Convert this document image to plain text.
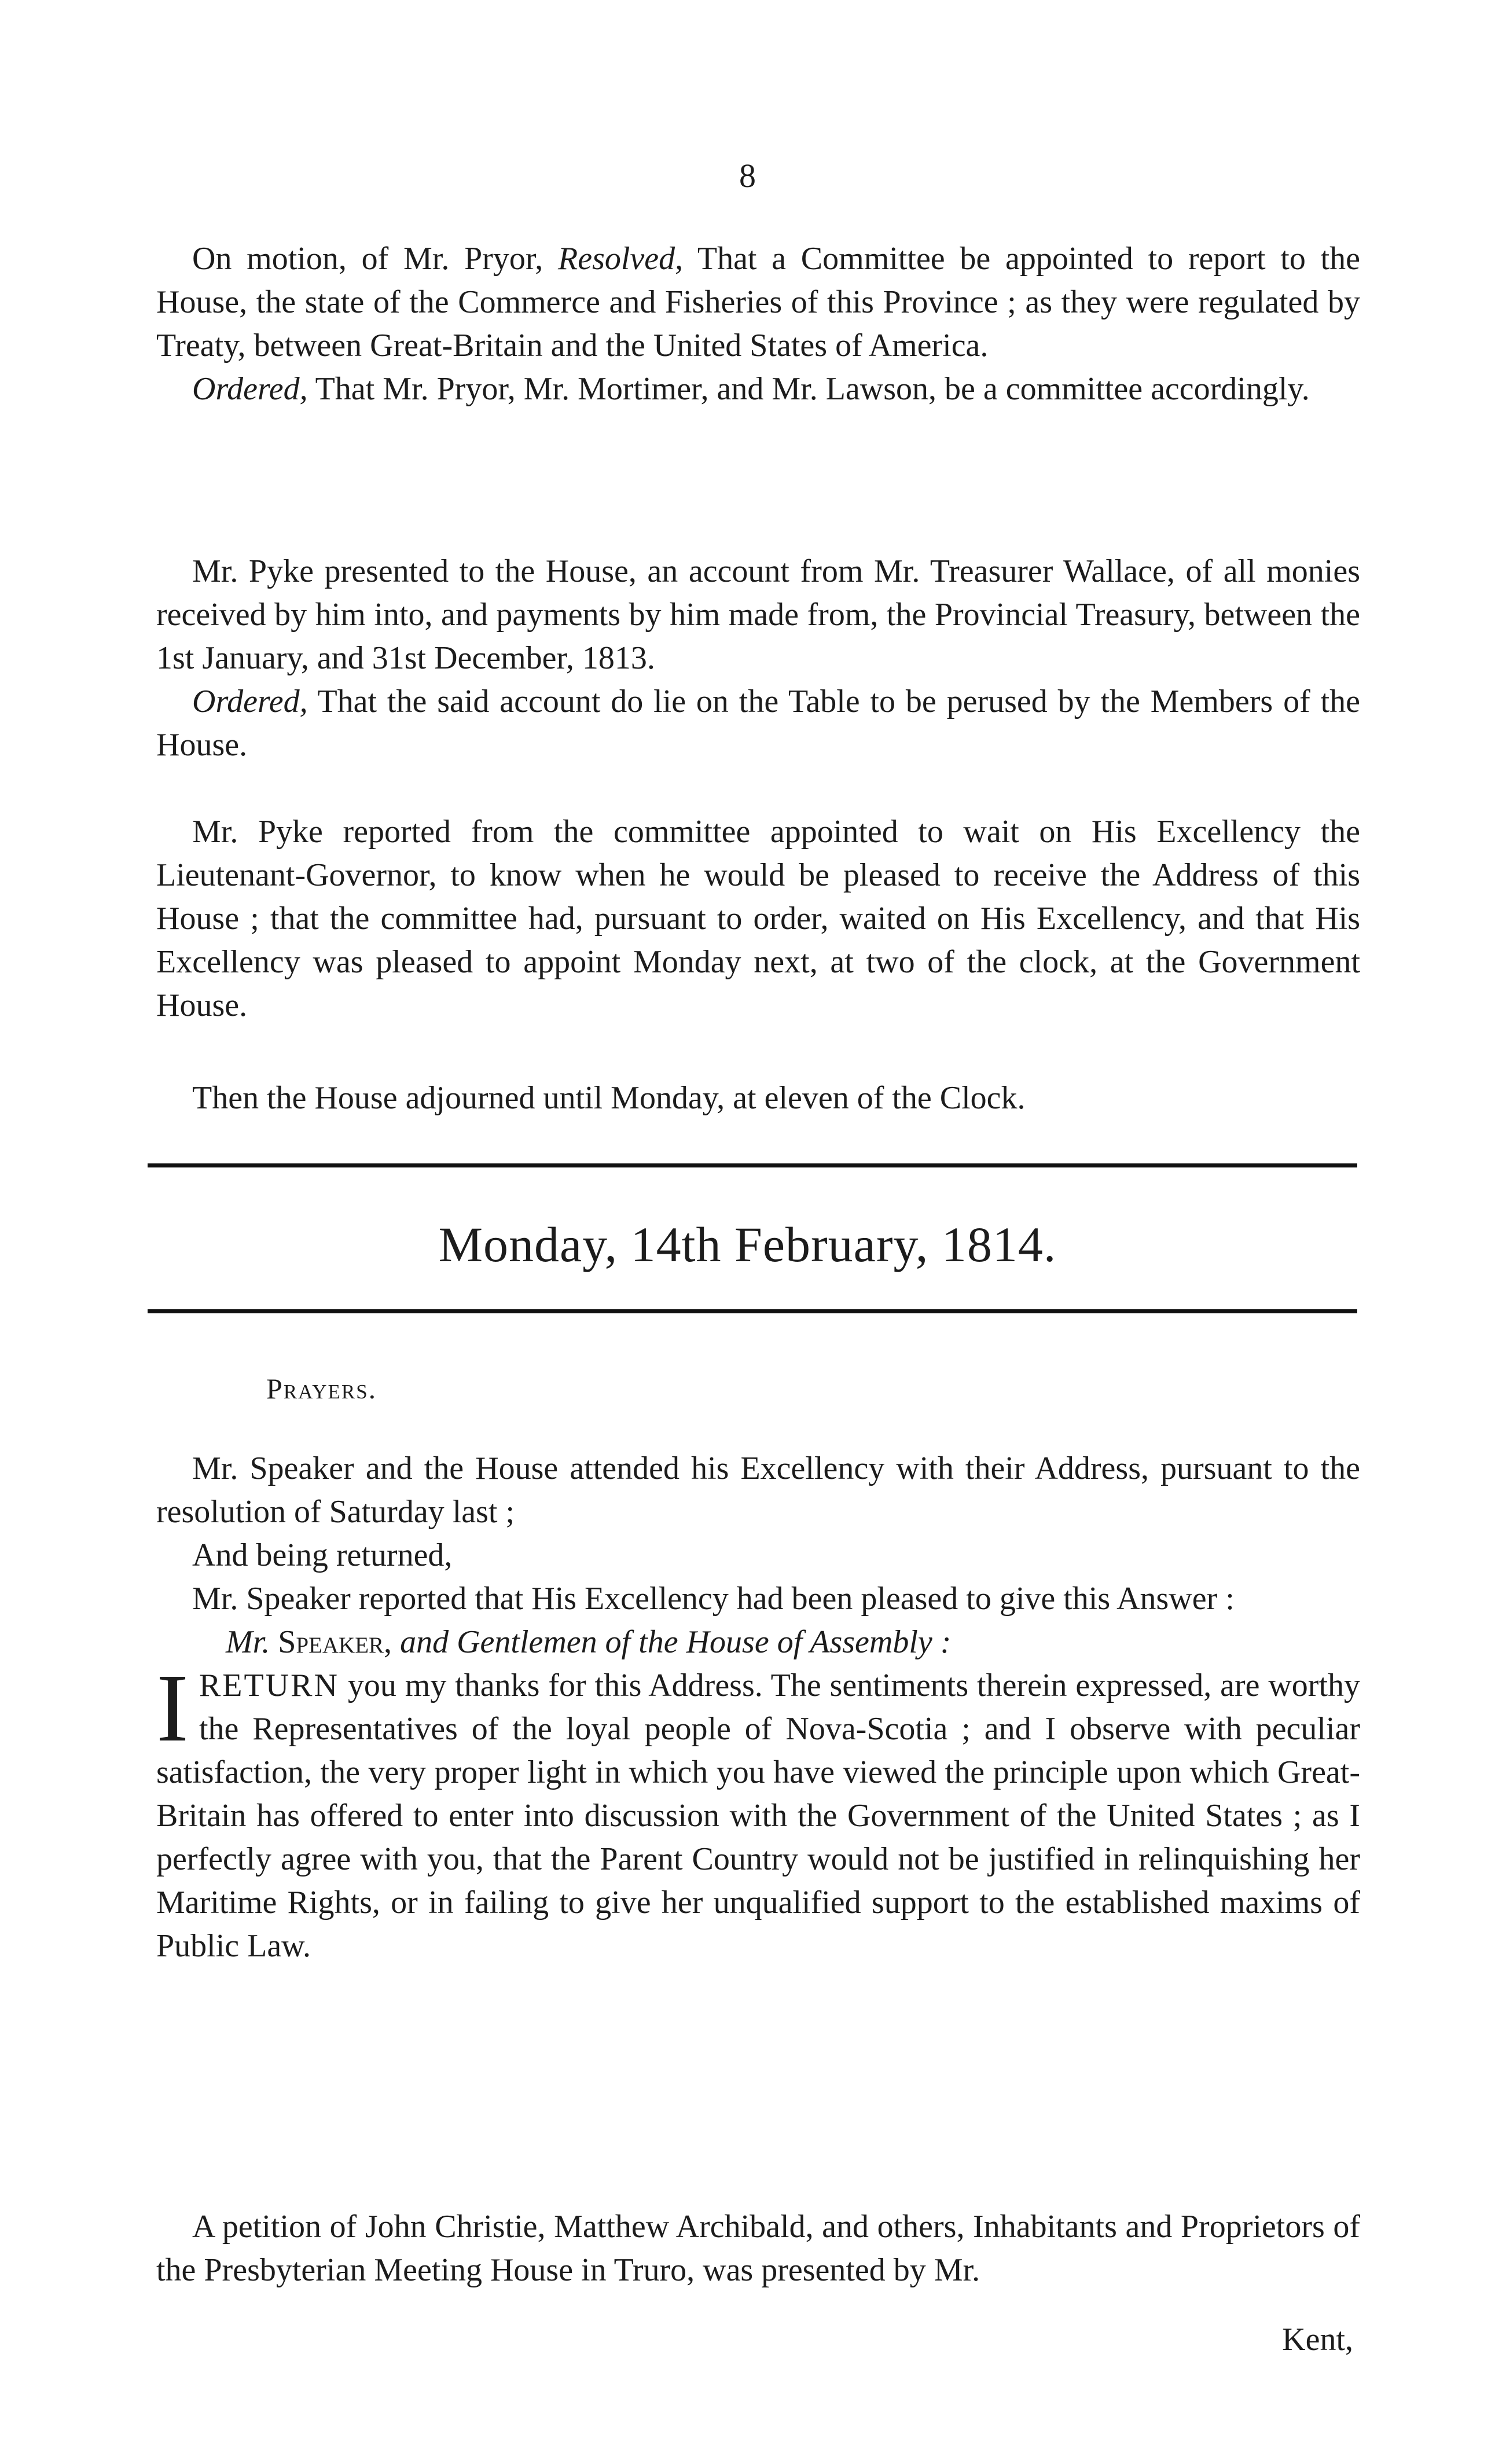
8

On motion, of Mr. Pryor, Resolved, That a Committee be appointed to report to the House, the state of the Commerce and Fisheries of this Province ; as they were regulated by Treaty, between Great-Britain and the United States of America.

Ordered, That Mr. Pryor, Mr. Mortimer, and Mr. Lawson, be a committee accordingly.

Mr. Pyke presented to the House, an account from Mr. Treasurer Wallace, of all monies received by him into, and payments by him made from, the Provincial Treasury, between the 1st January, and 31st December, 1813.

Ordered, That the said account do lie on the Table to be perused by the Members of the House.

Mr. Pyke reported from the committee appointed to wait on His Excellency the Lieutenant-Governor, to know when he would be pleased to receive the Address of this House ; that the committee had, pursuant to order, waited on His Excellency, and that His Excellency was pleased to appoint Monday next, at two of the clock, at the Government House.

Then the House adjourned until Monday, at eleven of the Clock.

Monday, 14th February, 1814.
Prayers.

Mr. Speaker and the House attended his Excellency with their Address, pursuant to the resolution of Saturday last ;

And being returned,

Mr. Speaker reported that His Excellency had been pleased to give this Answer :

Mr. Speaker, and Gentlemen of the House of Assembly :

I RETURN you my thanks for this Address. The sentiments therein expressed, are worthy the Representatives of the loyal people of Nova-Scotia ; and I observe with peculiar satisfaction, the very proper light in which you have viewed the principle upon which Great-Britain has offered to enter into discussion with the Government of the United States ; as I perfectly agree with you, that the Parent Country would not be justified in relinquishing her Maritime Rights, or in failing to give her unqualified support to the established maxims of Public Law.

A petition of John Christie, Matthew Archibald, and others, Inhabitants and Proprietors of the Presbyterian Meeting House in Truro, was presented by Mr.

Kent,
